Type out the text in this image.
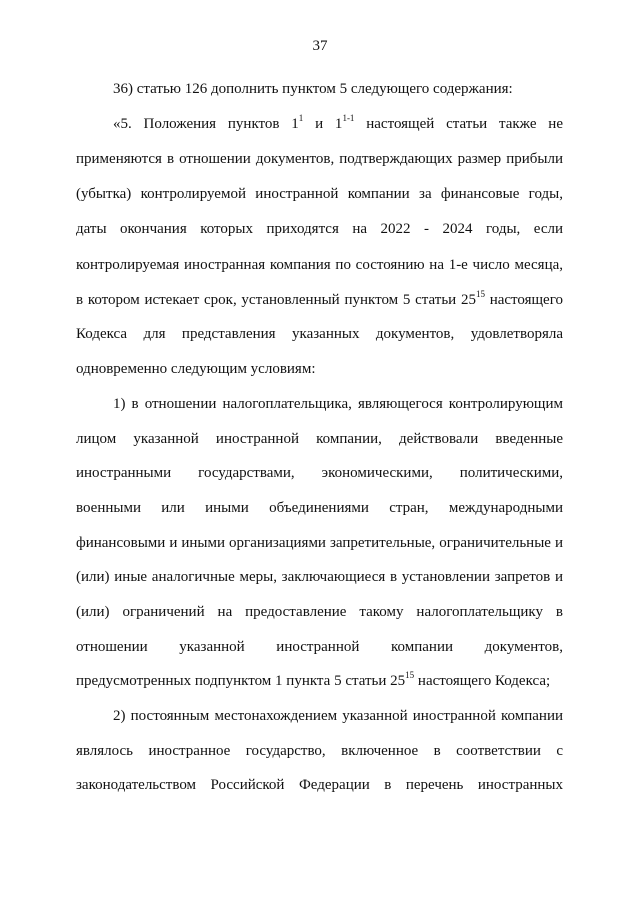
37
36) статью 126 дополнить пунктом 5 следующего содержания:
«5. Положения пунктов $1^1$ и 1$^{1-1}$ настоящей статьи также не
применяются в отношении документов, подтверждающих размер прибыли
(убытка) контролируемой иностранной компании за финансовые годы,
даты окончания которых приходятся на 2022 - 2024 годы, если
контролируемая иностранная компания по состоянию на 1-е число месяца,
в котором истекает срок, установленный пунктом 5 статьи $25^{15}$ настоящего
Кодекса для представления указанных документов, удовлетворяла
одновременно следующим условиям:
1) в отношении налогоплательщика, являющегося контролирующим
лицом указанной иностранной компании, действовали введенные
иностранными государствами, экономическими, политическими,
военными или иными объединениями стран, международными
финансовыми и иными организациями запретительные, ограничительные и
(или) иные аналогичные меры, заключающиеся в установлении запретов и
(или) ограничений на предоставление такому налогоплательщику в
отношении указанной иностранной компании документов,
предусмотренных подпунктом 1 пункта 5 статьи $25^{15}$ настоящего Кодекса;
2) постоянным местонахождением указанной иностранной компании
являлось иностранное государство, включенное в соответствии с
законодательством Российской Федерации в перечень иностранных
